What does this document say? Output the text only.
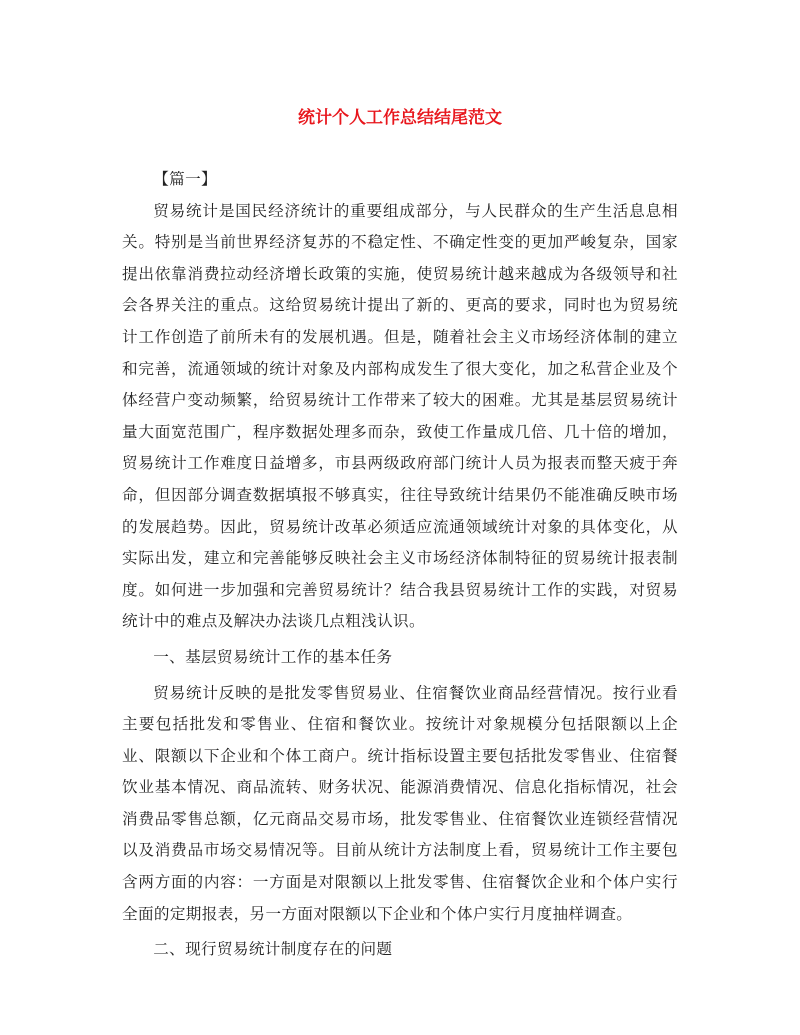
统计个人工作总结结尾范文

【篇一】

贸易统计是国民经济统计的重要组成部分，与人民群众的生产生活息息相关。特别是当前世界经济复苏的不稳定性、不确定性变的更加严峻复杂，国家提出依靠消费拉动经济增长政策的实施，使贸易统计越来越成为各级领导和社会各界关注的重点。这给贸易统计提出了新的、更高的要求，同时也为贸易统计工作创造了前所未有的发展机遇。但是，随着社会主义市场经济体制的建立和完善，流通领域的统计对象及内部构成发生了很大变化，加之私营企业及个体经营户变动频繁，给贸易统计工作带来了较大的困难。尤其是基层贸易统计量大面宽范围广，程序数据处理多而杂，致使工作量成几倍、几十倍的增加，贸易统计工作难度日益增多，市县两级政府部门统计人员为报表而整天疲于奔命，但因部分调查数据填报不够真实，往往导致统计结果仍不能准确反映市场的发展趋势。因此，贸易统计改革必须适应流通领域统计对象的具体变化，从实际出发，建立和完善能够反映社会主义市场经济体制特征的贸易统计报表制度。如何进一步加强和完善贸易统计？结合我县贸易统计工作的实践，对贸易统计中的难点及解决办法谈几点粗浅认识。

一、基层贸易统计工作的基本任务

贸易统计反映的是批发零售贸易业、住宿餐饮业商品经营情况。按行业看主要包括批发和零售业、住宿和餐饮业。按统计对象规模分包括限额以上企业、限额以下企业和个体工商户。统计指标设置主要包括批发零售业、住宿餐饮业基本情况、商品流转、财务状况、能源消费情况、信息化指标情况，社会消费品零售总额，亿元商品交易市场，批发零售业、住宿餐饮业连锁经营情况以及消费品市场交易情况等。目前从统计方法制度上看，贸易统计工作主要包含两方面的内容：一方面是对限额以上批发零售、住宿餐饮企业和个体户实行全面的定期报表，另一方面对限额以下企业和个体户实行月度抽样调查。

二、现行贸易统计制度存在的问题
